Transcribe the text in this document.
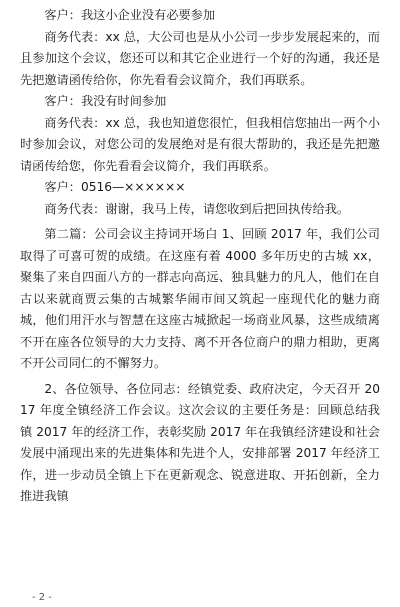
客户：我这小企业没有必要参加

商务代表：xx 总，大公司也是从小公司一步步发展起来的，而且参加这个会议，您还可以和其它企业进行一个好的沟通，我还是先把邀请函传给你，你先看看会议简介，我们再联系。

客户：我没有时间参加

商务代表：xx 总，我也知道您很忙，但我相信您抽出一两个小时参加会议，对您公司的发展绝对是有很大帮助的，我还是先把邀请函传给您，你先看看会议简介，我们再联系。

客户：0516—××××××

商务代表：谢谢，我马上传，请您收到后把回执传给我。

第二篇：公司会议主持词开场白 1、回顾 2017 年，我们公司取得了可喜可贺的成绩。在这座有着 4000 多年历史的古城 xx，聚集了来自四面八方的一群志向高远、独具魅力的凡人，他们在自古以来就商贾云集的古城繁华闹市间又筑起一座现代化的魅力商城，他们用汗水与智慧在这座古城掀起一场商业风暴，这些成绩离不开在座各位领导的大力支持、离不开各位商户的鼎力相助，更离不开公司同仁的不懈努力。

2、各位领导、各位同志：经镇党委、政府决定，今天召开 2017 年度全镇经济工作会议。这次会议的主要任务是：回顾总结我镇 2017 年的经济工作，表彰奖励 2017 年在我镇经济建设和社会发展中涌现出来的先进集体和先进个人，安排部署 2017 年经济工作，进一步动员全镇上下在更新观念、锐意进取、开拓创新，全力推进我镇

- 2 -
